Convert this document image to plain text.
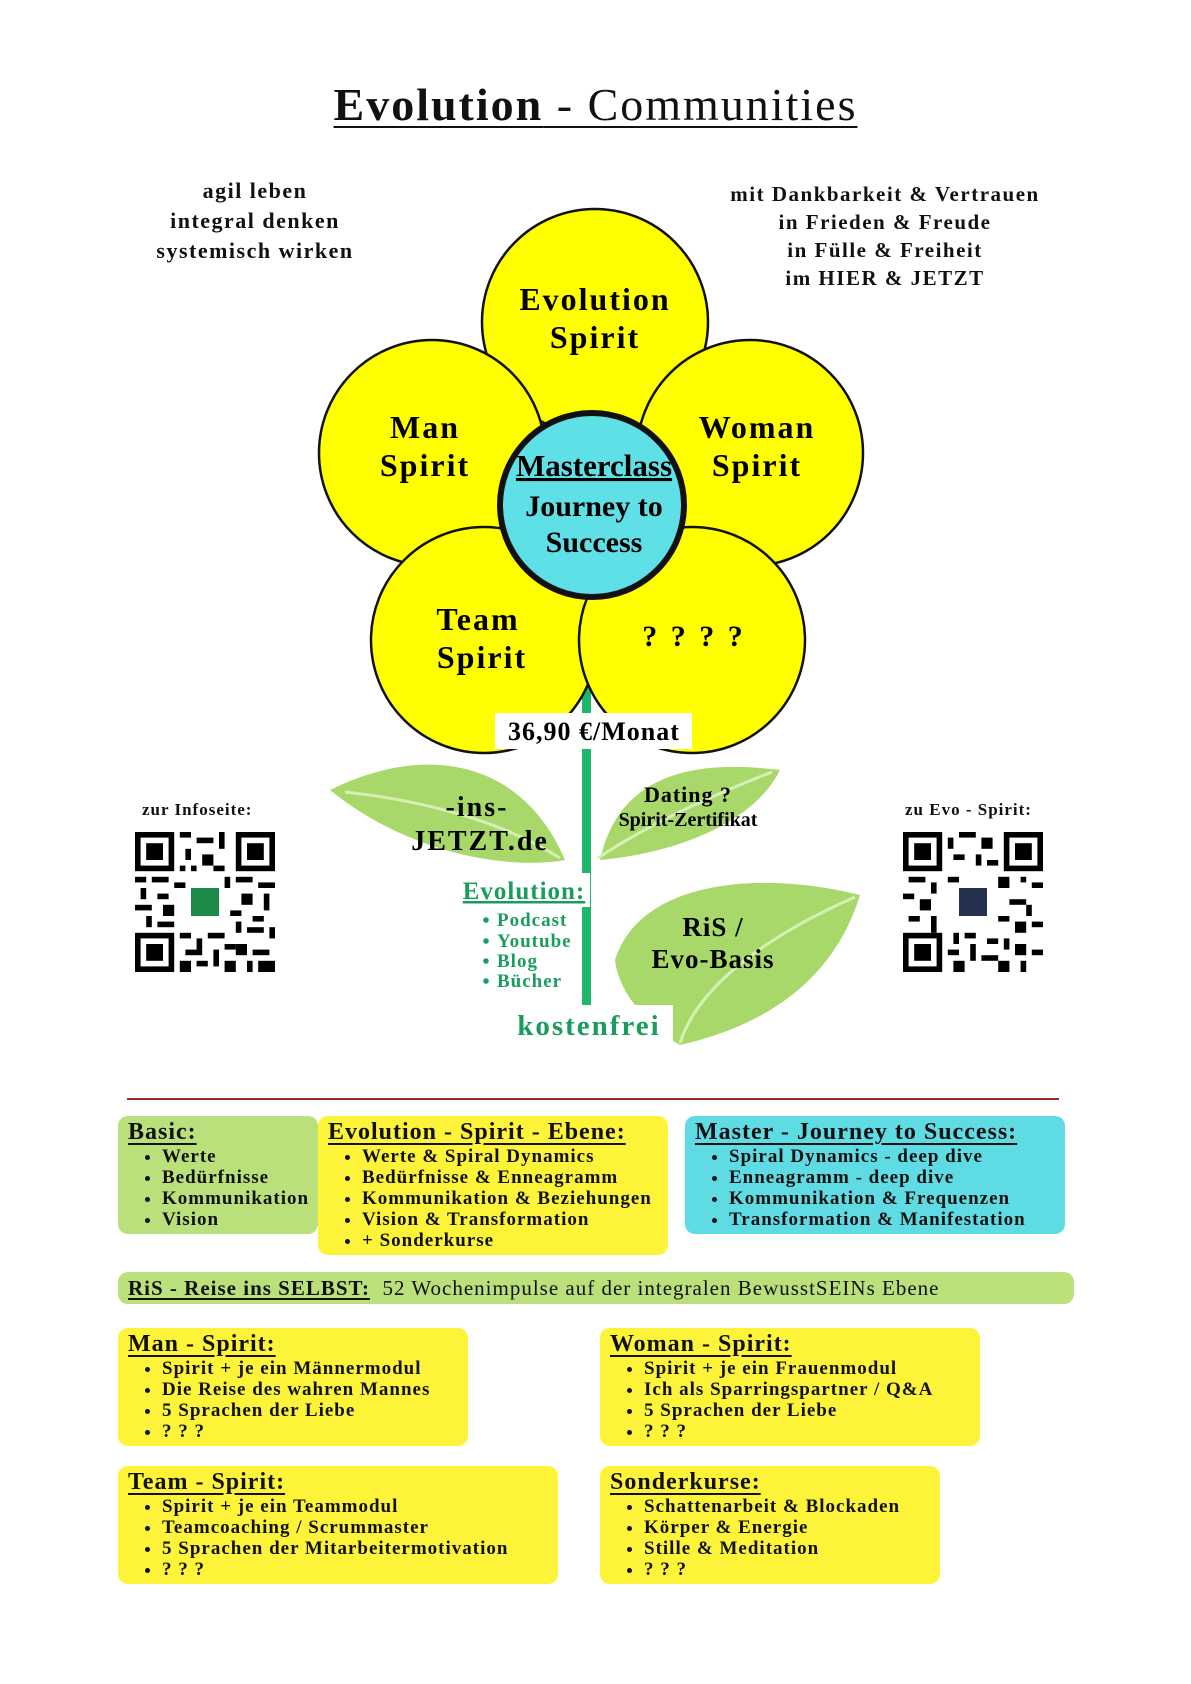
Evolution - Communities
agil leben
integral denken
systemisch wirken
mit Dankbarkeit & Vertrauen
in Frieden & Freude
in Fülle & Freiheit
im HIER & JETZT
Evolution
Spirit
Man
Spirit
Woman
Spirit
Team
Spirit
? ? ? ?
Masterclass
Journey to
Success
36,90 €/Monat
-ins-
JETZT.de
Dating ?
Spirit-Zertifikat
RiS /
Evo-Basis
Evolution:
Podcast
Youtube
Blog
Bücher
kostenfrei
zur Infoseite:	zu Evo - Spirit:
Basic:
• Werte
• Bedürfnisse
• Kommunikation
• Vision
Evolution - Spirit - Ebene:
• Werte & Spiral Dynamics
• Bedürfnisse & Enneagramm
• Kommunikation & Beziehungen
• Vision & Transformation
• + Sonderkurse
Master - Journey to Success:
• Spiral Dynamics - deep dive
• Enneagramm - deep dive
• Kommunikation & Frequenzen
• Transformation & Manifestation
RiS - Reise ins SELBST: 52 Wochenimpulse auf der integralen BewusstSEINs Ebene
Man - Spirit:
• Spirit + je ein Männermodul
• Die Reise des wahren Mannes
• 5 Sprachen der Liebe
• ? ? ?
Woman - Spirit:
• Spirit + je ein Frauenmodul
• Ich als Sparringspartner / Q&A
• 5 Sprachen der Liebe
• ? ? ?
Team - Spirit:
• Spirit + je ein Teammodul
• Teamcoaching / Scrummaster
• 5 Sprachen der Mitarbeitermotivation
• ? ? ?
Sonderkurse:
• Schattenarbeit & Blockaden
• Körper & Energie
• Stille & Meditation
• ? ? ?
